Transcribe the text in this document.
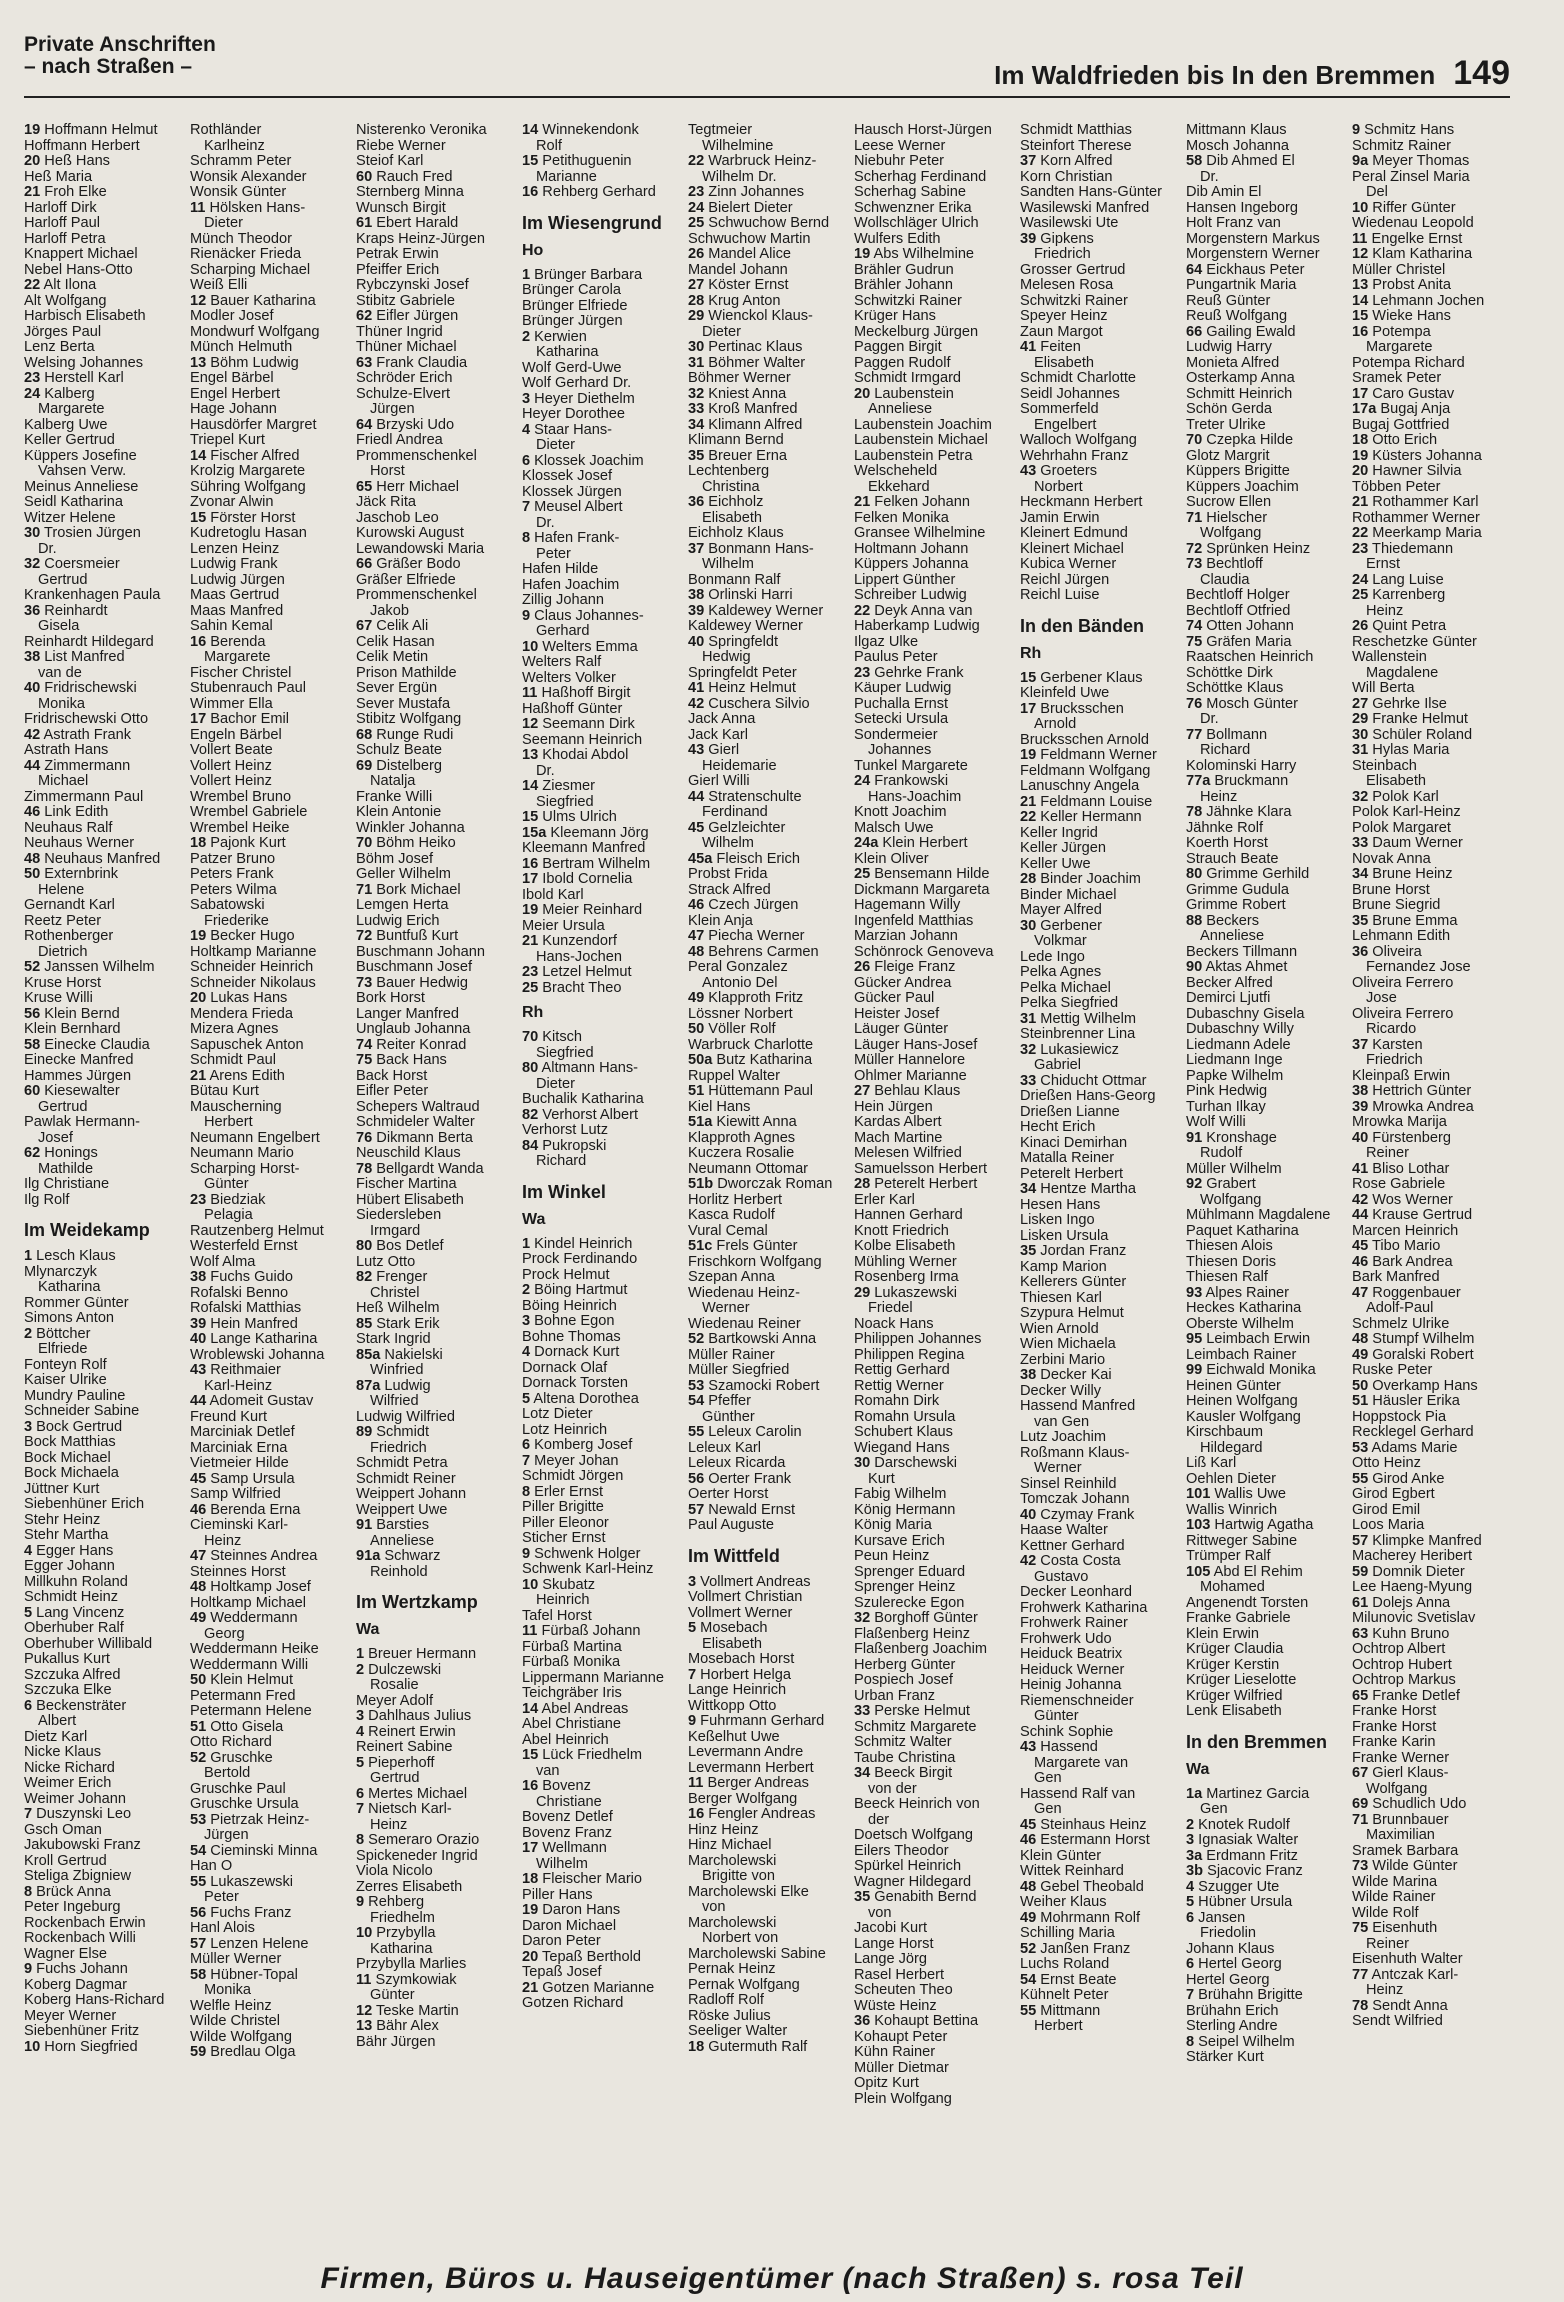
Private Anschriften
– nach Straßen –	Im Waldfrieden bis In den Bremmen 149
19 Hoffmann Helmut
Hoffmann Herbert
20 Heß Hans
Heß Maria
21 Froh Elke
Harloff Dirk
Harloff Paul
Harloff Petra
Knappert Michael
Nebel Hans-Otto
22 Alt Ilona
Alt Wolfgang
Harbisch Elisabeth
Jörges Paul
Lenz Berta
Welsing Johannes
23 Herstell Karl
24 Kalberg
Margarete
Kalberg Uwe
Keller Gertrud
Küppers Josefine
Vahsen Verw.
Meinus Anneliese
Seidl Katharina
Witzer Helene
30 Trosien Jürgen
Dr.
32 Coersmeier
Gertrud
Krankenhagen Paula
36 Reinhardt
Gisela
Reinhardt Hildegard
38 List Manfred
van de
40 Fridrischewski
Monika
Fridrischewski Otto
42 Astrath Frank
Astrath Hans
44 Zimmermann
Michael
Zimmermann Paul
46 Link Edith
Neuhaus Ralf
Neuhaus Werner
48 Neuhaus Manfred
50 Externbrink
Helene
Gernandt Karl
Reetz Peter
Rothenberger
Dietrich
52 Janssen Wilhelm
Kruse Horst
Kruse Willi
56 Klein Bernd
Klein Bernhard
58 Einecke Claudia
Einecke Manfred
Hammes Jürgen
60 Kiesewalter
Gertrud
Pawlak Hermann-
Josef
62 Honings
Mathilde
Ilg Christiane
Ilg Rolf
Im Weidekamp
1 Lesch Klaus
Mlynarczyk
Katharina
Rommer Günter
Simons Anton
2 Böttcher
Elfriede
Fonteyn Rolf
Kaiser Ulrike
Mundry Pauline
Schneider Sabine
3 Bock Gertrud
Bock Matthias
Bock Michael
Bock Michaela
Jüttner Kurt
Siebenhüner Erich
Stehr Heinz
Stehr Martha
4 Egger Hans
Egger Johann
Millkuhn Roland
Schmidt Heinz
5 Lang Vincenz
Oberhuber Ralf
Oberhuber Willibald
Pukallus Kurt
Szczuka Alfred
Szczuka Elke
6 Beckensträter
Albert
Dietz Karl
Nicke Klaus
Nicke Richard
Weimer Erich
Weimer Johann
7 Duszynski Leo
Gsch Oman
Jakubowski Franz
Kroll Gertrud
Steliga Zbigniew
8 Brück Anna
Peter Ingeburg
Rockenbach Erwin
Rockenbach Willi
Wagner Else
9 Fuchs Johann
Koberg Dagmar
Koberg Hans-Richard
Meyer Werner
Siebenhüner Fritz
10 Horn Siegfried
Rothländer
Karlheinz
Schramm Peter
Wonsik Alexander
Wonsik Günter
11 Hölsken Hans-
Dieter
Münch Theodor
Rienäcker Frieda
Scharping Michael
Weiß Elli
12 Bauer Katharina
Modler Josef
Mondwurf Wolfgang
Münch Helmuth
13 Böhm Ludwig
Engel Bärbel
Engel Herbert
Hage Johann
Hausdörfer Margret
Triepel Kurt
14 Fischer Alfred
Krolzig Margarete
Sühring Wolfgang
Zvonar Alwin
15 Förster Horst
Kudretoglu Hasan
Lenzen Heinz
Ludwig Frank
Ludwig Jürgen
Maas Gertrud
Maas Manfred
Sahin Kemal
16 Berenda
Margarete
Fischer Christel
Stubenrauch Paul
Wimmer Ella
17 Bachor Emil
Engeln Bärbel
Vollert Beate
Vollert Heinz
Vollert Heinz
Wrembel Bruno
Wrembel Gabriele
Wrembel Heike
18 Pajonk Kurt
Patzer Bruno
Peters Frank
Peters Wilma
Sabatowski
Friederike
19 Becker Hugo
Holtkamp Marianne
Schneider Heinrich
Schneider Nikolaus
20 Lukas Hans
Mendera Frieda
Mizera Agnes
Sapuschek Anton
Schmidt Paul
21 Arens Edith
Bütau Kurt
Mauscherning
Herbert
Neumann Engelbert
Neumann Mario
Scharping Horst-
Günter
23 Biedziak
Pelagia
Rautzenberg Helmut
Westerfeld Ernst
Wolf Alma
38 Fuchs Guido
Rofalski Benno
Rofalski Matthias
39 Hein Manfred
40 Lange Katharina
Wroblewski Johanna
43 Reithmaier
Karl-Heinz
44 Adomeit Gustav
Freund Kurt
Marciniak Detlef
Marciniak Erna
Vietmeier Hilde
45 Samp Ursula
Samp Wilfried
46 Berenda Erna
Cieminski Karl-
Heinz
47 Steinnes Andrea
Steinnes Horst
48 Holtkamp Josef
Holtkamp Michael
49 Weddermann
Georg
Weddermann Heike
Weddermann Willi
50 Klein Helmut
Petermann Fred
Petermann Helene
51 Otto Gisela
Otto Richard
52 Gruschke
Bertold
Gruschke Paul
Gruschke Ursula
53 Pietrzak Heinz-
Jürgen
54 Cieminski Minna
Han O
55 Lukaszewski
Peter
56 Fuchs Franz
Hanl Alois
57 Lenzen Helene
Müller Werner
58 Hübner-Topal
Monika
Welfle Heinz
Wilde Christel
Wilde Wolfgang
59 Bredlau Olga
Nisterenko Veronika
Riebe Werner
Steiof Karl
60 Rauch Fred
Sternberg Minna
Wunsch Birgit
61 Ebert Harald
Kraps Heinz-Jürgen
Petrak Erwin
Pfeiffer Erich
Rybczynski Josef
Stibitz Gabriele
62 Eifler Jürgen
Thüner Ingrid
Thüner Michael
63 Frank Claudia
Schröder Erich
Schulze-Elvert
Jürgen
64 Brzyski Udo
Friedl Andrea
Prommenschenkel
Horst
65 Herr Michael
Jäck Rita
Jaschob Leo
Kurowski August
Lewandowski Maria
66 Gräßer Bodo
Gräßer Elfriede
Prommenschenkel
Jakob
67 Celik Ali
Celik Hasan
Celik Metin
Prison Mathilde
Sever Ergün
Sever Mustafa
Stibitz Wolfgang
68 Runge Rudi
Schulz Beate
69 Distelberg
Natalja
Franke Willi
Klein Antonie
Winkler Johanna
70 Böhm Heiko
Böhm Josef
Geller Wilhelm
71 Bork Michael
Lemgen Herta
Ludwig Erich
72 Buntfuß Kurt
Buschmann Johann
Buschmann Josef
73 Bauer Hedwig
Bork Horst
Langer Manfred
Unglaub Johanna
74 Reiter Konrad
75 Back Hans
Back Horst
Eifler Peter
Schepers Waltraud
Schmideler Walter
76 Dikmann Berta
Neuschild Klaus
78 Bellgardt Wanda
Fischer Martina
Hübert Elisabeth
Siedersleben
Irmgard
80 Bos Detlef
Lutz Otto
82 Frenger
Christel
Heß Wilhelm
85 Stark Erik
Stark Ingrid
85a Nakielski
Winfried
87a Ludwig
Wilfried
Ludwig Wilfried
89 Schmidt
Friedrich
Schmidt Petra
Schmidt Reiner
Weippert Johann
Weippert Uwe
91 Barsties
Anneliese
91a Schwarz
Reinhold
Im Wertzkamp
Wa
1 Breuer Hermann
2 Dulczewski
Rosalie
Meyer Adolf
3 Dahlhaus Julius
4 Reinert Erwin
Reinert Sabine
5 Pieperhoff
Gertrud
6 Mertes Michael
7 Nietsch Karl-
Heinz
8 Semeraro Orazio
Spickeneder Ingrid
Viola Nicolo
Zerres Elisabeth
9 Rehberg
Friedhelm
10 Przybylla
Katharina
Przybylla Marlies
11 Szymkowiak
Günter
12 Teske Martin
13 Bähr Alex
Bähr Jürgen
14 Winnekendonk
Rolf
15 Petithuguenin
Marianne
16 Rehberg Gerhard
Im Wiesengrund
Ho
1 Brünger Barbara
Brünger Carola
Brünger Elfriede
Brünger Jürgen
2 Kerwien
Katharina
Wolf Gerd-Uwe
Wolf Gerhard Dr.
3 Heyer Diethelm
Heyer Dorothee
4 Staar Hans-
Dieter
6 Klossek Joachim
Klossek Josef
Klossek Jürgen
7 Meusel Albert
Dr.
8 Hafen Frank-
Peter
Hafen Hilde
Hafen Joachim
Zillig Johann
9 Claus Johannes-
Gerhard
10 Welters Emma
Welters Ralf
Welters Volker
11 Haßhoff Birgit
Haßhoff Günter
12 Seemann Dirk
Seemann Heinrich
13 Khodai Abdol
Dr.
14 Ziesmer
Siegfried
15 Ulms Ulrich
15a Kleemann Jörg
Kleemann Manfred
16 Bertram Wilhelm
17 Ibold Cornelia
Ibold Karl
19 Meier Reinhard
Meier Ursula
21 Kunzendorf
Hans-Jochen
23 Letzel Helmut
25 Bracht Theo
Rh
70 Kitsch
Siegfried
80 Altmann Hans-
Dieter
Buchalik Katharina
82 Verhorst Albert
Verhorst Lutz
84 Pukropski
Richard
Im Winkel
Wa
1 Kindel Heinrich
Prock Ferdinando
Prock Helmut
2 Böing Hartmut
Böing Heinrich
3 Bohne Egon
Bohne Thomas
4 Dornack Kurt
Dornack Olaf
Dornack Torsten
5 Altena Dorothea
Lotz Dieter
Lotz Heinrich
6 Komberg Josef
7 Meyer Johan
Schmidt Jörgen
8 Erler Ernst
Piller Brigitte
Piller Eleonor
Sticher Ernst
9 Schwenk Holger
Schwenk Karl-Heinz
10 Skubatz
Heinrich
Tafel Horst
11 Fürbaß Johann
Fürbaß Martina
Fürbaß Monika
Lippermann Marianne
Teichgräber Iris
14 Abel Andreas
Abel Christiane
Abel Heinrich
15 Lück Friedhelm
van
16 Bovenz
Christiane
Bovenz Detlef
Bovenz Franz
17 Wellmann
Wilhelm
18 Fleischer Mario
Piller Hans
19 Daron Hans
Daron Michael
Daron Peter
20 Tepaß Berthold
Tepaß Josef
21 Gotzen Marianne
Gotzen Richard
Tegtmeier
Wilhelmine
22 Warbruck Heinz-
Wilhelm Dr.
23 Zinn Johannes
24 Bielert Dieter
25 Schwuchow Bernd
Schwuchow Martin
26 Mandel Alice
Mandel Johann
27 Köster Ernst
28 Krug Anton
29 Wienckol Klaus-
Dieter
30 Pertinac Klaus
31 Böhmer Walter
Böhmer Werner
32 Kniest Anna
33 Kroß Manfred
34 Klimann Alfred
Klimann Bernd
35 Breuer Erna
Lechtenberg
Christina
36 Eichholz
Elisabeth
Eichholz Klaus
37 Bonmann Hans-
Wilhelm
Bonmann Ralf
38 Orlinski Harri
39 Kaldewey Werner
Kaldewey Werner
40 Springfeldt
Hedwig
Springfeldt Peter
41 Heinz Helmut
42 Cuschera Silvio
Jack Anna
Jack Karl
43 Gierl
Heidemarie
Gierl Willi
44 Stratenschulte
Ferdinand
45 Gelzleichter
Wilhelm
45a Fleisch Erich
Probst Frida
Strack Alfred
46 Czech Jürgen
Klein Anja
47 Piecha Werner
48 Behrens Carmen
Peral Gonzalez
Antonio Del
49 Klapproth Fritz
Lössner Norbert
50 Völler Rolf
Warbruck Charlotte
50a Butz Katharina
Ruppel Walter
51 Hüttemann Paul
Kiel Hans
51a Kiewitt Anna
Klapproth Agnes
Kuczera Rosalie
Neumann Ottomar
51b Dworczak Roman
Horlitz Herbert
Kasca Rudolf
Vural Cemal
51c Frels Günter
Frischkorn Wolfgang
Szepan Anna
Wiedenau Heinz-
Werner
Wiedenau Reiner
52 Bartkowski Anna
Müller Rainer
Müller Siegfried
53 Szamocki Robert
54 Pfeffer
Günther
55 Leleux Carolin
Leleux Karl
Leleux Ricarda
56 Oerter Frank
Oerter Horst
57 Newald Ernst
Paul Auguste
Im Wittfeld
3 Vollmert Andreas
Vollmert Christian
Vollmert Werner
5 Mosebach
Elisabeth
Mosebach Horst
7 Horbert Helga
Lange Heinrich
Wittkopp Otto
9 Fuhrmann Gerhard
Keßelhut Uwe
Levermann Andre
Levermann Herbert
11 Berger Andreas
Berger Wolfgang
16 Fengler Andreas
Hinz Heinz
Hinz Michael
Marcholewski
Brigitte von
Marcholewski Elke
von
Marcholewski
Norbert von
Marcholewski Sabine
Pernak Heinz
Pernak Wolfgang
Radloff Rolf
Röske Julius
Seeliger Walter
18 Gutermuth Ralf
Hausch Horst-Jürgen
Leese Werner
Niebuhr Peter
Scherhag Ferdinand
Scherhag Sabine
Schwenzner Erika
Wollschläger Ulrich
Wulfers Edith
19 Abs Wilhelmine
Brähler Gudrun
Brähler Johann
Schwitzki Rainer
Krüger Hans
Meckelburg Jürgen
Paggen Birgit
Paggen Rudolf
Schmidt Irmgard
20 Laubenstein
Anneliese
Laubenstein Joachim
Laubenstein Michael
Laubenstein Petra
Welscheheld
Ekkehard
21 Felken Johann
Felken Monika
Gransee Wilhelmine
Holtmann Johann
Küppers Johanna
Lippert Günther
Schreiber Ludwig
22 Deyk Anna van
Haberkamp Ludwig
Ilgaz Ülke
Paulus Peter
23 Gehrke Frank
Käuper Ludwig
Puchalla Ernst
Setecki Ursula
Sondermeier
Johannes
Tunkel Margarete
24 Frankowski
Hans-Joachim
Knott Joachim
Malsch Uwe
24a Klein Herbert
Klein Oliver
25 Bensemann Hilde
Dickmann Margareta
Hagemann Willy
Ingenfeld Matthias
Marzian Johann
Schönrock Genoveva
26 Fleige Franz
Gücker Andrea
Gücker Paul
Heister Josef
Läuger Günter
Läuger Hans-Josef
Müller Hannelore
Ohlmer Marianne
27 Behlau Klaus
Hein Jürgen
Kardas Albert
Mach Martine
Melesen Wilfried
Samuelsson Herbert
28 Peterelt Herbert
Erler Karl
Hannen Gerhard
Knott Friedrich
Kolbe Elisabeth
Mühling Werner
Rosenberg Irma
29 Lukaszewski
Friedel
Noack Hans
Philippen Johannes
Philippen Regina
Rettig Gerhard
Rettig Werner
Romahn Dirk
Romahn Ursula
Schubert Klaus
Wiegand Hans
30 Darschewski
Kurt
Fabig Wilhelm
König Hermann
König Maria
Kursave Erich
Peun Heinz
Sprenger Eduard
Sprenger Heinz
Szulerecke Egon
32 Borghoff Günter
Flaßenberg Heinz
Flaßenberg Joachim
Herberg Günter
Pospiech Josef
Urban Franz
33 Perske Helmut
Schmitz Margarete
Schmitz Walter
Taube Christina
34 Beeck Birgit
von der
Beeck Heinrich von
der
Doetsch Wolfgang
Eilers Theodor
Spürkel Heinrich
Wagner Hildegard
35 Genabith Bernd
von
Jacobi Kurt
Lange Horst
Lange Jörg
Rasel Herbert
Scheuten Theo
Wüste Heinz
36 Kohaupt Bettina
Kohaupt Peter
Kühn Rainer
Müller Dietmar
Opitz Kurt
Plein Wolfgang
Schmidt Matthias
Steinfort Therese
37 Korn Alfred
Korn Christian
Sandten Hans-Günter
Wasilewski Manfred
Wasilewski Ute
39 Gipkens
Friedrich
Grosser Gertrud
Melesen Rosa
Schwitzki Rainer
Speyer Heinz
Zaun Margot
41 Feiten
Elisabeth
Schmidt Charlotte
Seidl Johannes
Sommerfeld
Engelbert
Walloch Wolfgang
Wehrhahn Franz
43 Groeters
Norbert
Heckmann Herbert
Jamin Erwin
Kleinert Edmund
Kleinert Michael
Kubica Werner
Reichl Jürgen
Reichl Luise
In den Bänden
Rh
15 Gerbener Klaus
Kleinfeld Uwe
17 Brucksschen
Arnold
Brucksschen Arnold
19 Feldmann Werner
Feldmann Wolfgang
Lanuschny Angela
21 Feldmann Louise
22 Keller Hermann
Keller Ingrid
Keller Jürgen
Keller Uwe
28 Binder Joachim
Binder Michael
Mayer Alfred
30 Gerbener
Volkmar
Lede Ingo
Pelka Agnes
Pelka Michael
Pelka Siegfried
31 Mettig Wilhelm
Steinbrenner Lina
32 Lukasiewicz
Gabriel
33 Chiducht Ottmar
Drießen Hans-Georg
Drießen Lianne
Hecht Erich
Kinaci Demirhan
Matalla Reiner
Peterelt Herbert
34 Hentze Martha
Hesen Hans
Lisken Ingo
Lisken Ursula
35 Jordan Franz
Kamp Marion
Kellerers Günter
Thiesen Karl
Szypura Helmut
Wien Arnold
Wien Michaela
Zerbini Mario
38 Decker Kai
Decker Willy
Hassend Manfred
van Gen
Lutz Joachim
Roßmann Klaus-
Werner
Sinsel Reinhild
Tomczak Johann
40 Czymay Frank
Haase Walter
Kettner Gerhard
42 Costa Costa
Gustavo
Decker Leonhard
Frohwerk Katharina
Frohwerk Rainer
Frohwerk Udo
Heiduck Beatrix
Heiduck Werner
Heinig Johanna
Riemenschneider
Günter
Schink Sophie
43 Hassend
Margarete van
Gen
Hassend Ralf van
Gen
45 Steinhaus Heinz
46 Estermann Horst
Klein Günter
Wittek Reinhard
48 Gebel Theobald
Weiher Klaus
49 Mohrmann Rolf
Schilling Maria
52 Janßen Franz
Luchs Roland
54 Ernst Beate
Kühnelt Peter
55 Mittmann
Herbert
Mittmann Klaus
Mosch Johanna
58 Dib Ahmed El
Dr.
Dib Amin El
Hansen Ingeborg
Holt Franz van
Morgenstern Markus
Morgenstern Werner
64 Eickhaus Peter
Pungartnik Maria
Reuß Günter
Reuß Wolfgang
66 Gailing Ewald
Ludwig Harry
Monieta Alfred
Osterkamp Anna
Schmitt Heinrich
Schön Gerda
Treter Ulrike
70 Czepka Hilde
Glotz Margrit
Küppers Brigitte
Küppers Joachim
Sucrow Ellen
71 Hielscher
Wolfgang
72 Sprünken Heinz
73 Bechtloff
Claudia
Bechtloff Holger
Bechtloff Otfried
74 Otten Johann
75 Gräfen Maria
Raatschen Heinrich
Schöttke Dirk
Schöttke Klaus
76 Mosch Günter
Dr.
77 Bollmann
Richard
Kolominski Harry
77a Bruckmann
Heinz
78 Jähnke Klara
Jähnke Rolf
Koerth Horst
Strauch Beate
80 Grimme Gerhild
Grimme Gudula
Grimme Robert
88 Beckers
Anneliese
Beckers Tillmann
90 Aktas Ahmet
Becker Alfred
Demirci Ljutfi
Dubaschny Gisela
Dubaschny Willy
Liedmann Adele
Liedmann Inge
Papke Wilhelm
Pink Hedwig
Turhan Ilkay
Wolf Willi
91 Kronshage
Rudolf
Müller Wilhelm
92 Grabert
Wolfgang
Mühlmann Magdalene
Paquet Katharina
Thiesen Alois
Thiesen Doris
Thiesen Ralf
93 Alpes Rainer
Heckes Katharina
Oberste Wilhelm
95 Leimbach Erwin
Leimbach Rainer
99 Eichwald Monika
Heinen Günter
Heinen Wolfgang
Kausler Wolfgang
Kirschbaum
Hildegard
Liß Karl
Oehlen Dieter
101 Wallis Uwe
Wallis Winrich
103 Hartwig Agatha
Rittweger Sabine
Trümper Ralf
105 Abd El Rehim
Mohamed
Angenendt Torsten
Franke Gabriele
Klein Erwin
Krüger Claudia
Krüger Kerstin
Krüger Lieselotte
Krüger Wilfried
Lenk Elisabeth
In den Bremmen
Wa
1a Martinez Garcia
Gen
2 Knotek Rudolf
3 Ignasiak Walter
3a Erdmann Fritz
3b Sjacovic Franz
4 Szugger Ute
5 Hübner Ursula
6 Jansen
Friedolin
Johann Klaus
6 Hertel Georg
Hertel Georg
7 Brühahn Brigitte
Brühahn Erich
Sterling Andre
8 Seipel Wilhelm
Stärker Kurt
9 Schmitz Hans
Schmitz Rainer
9a Meyer Thomas
Peral Zinsel Maria
Del
10 Riffer Günter
Wiedenau Leopold
11 Engelke Ernst
12 Klam Katharina
Müller Christel
13 Probst Anita
14 Lehmann Jochen
15 Wieke Hans
16 Potempa
Margarete
Potempa Richard
Sramek Peter
17 Caro Gustav
17a Bugaj Anja
Bugaj Gottfried
18 Otto Erich
19 Küsters Johanna
20 Hawner Silvia
Többen Peter
21 Rothammer Karl
Rothammer Werner
22 Meerkamp Maria
23 Thiedemann
Ernst
24 Lang Luise
25 Karrenberg
Heinz
26 Quint Petra
Reschetzke Günter
Wallenstein
Magdalene
Will Berta
27 Gehrke Ilse
29 Franke Helmut
30 Schüler Roland
31 Hylas Maria
Steinbach
Elisabeth
32 Polok Karl
Polok Karl-Heinz
Polok Margaret
33 Daum Werner
Novak Anna
34 Brune Heinz
Brune Horst
Brune Siegrid
35 Brune Emma
Lehmann Edith
36 Oliveira
Fernandez Jose
Oliveira Ferrero
Jose
Oliveira Ferrero
Ricardo
37 Karsten
Friedrich
Kleinpaß Erwin
38 Hettrich Günter
39 Mrowka Andrea
Mrowka Marija
40 Fürstenberg
Reiner
41 Bliso Lothar
Rose Gabriele
42 Wos Werner
44 Krause Gertrud
Marcen Heinrich
45 Tibo Mario
46 Bark Andrea
Bark Manfred
47 Roggenbauer
Adolf-Paul
Schmelz Ulrike
48 Stumpf Wilhelm
49 Goralski Robert
Ruske Peter
50 Overkamp Hans
51 Häusler Erika
Hoppstock Pia
Recklegel Gerhard
53 Adams Marie
Otto Heinz
55 Girod Anke
Girod Egbert
Girod Emil
Loos Maria
57 Klimpke Manfred
Macherey Heribert
59 Domnik Dieter
Lee Haeng-Myung
61 Dolejs Anna
Milunovic Svetislav
63 Kuhn Bruno
Ochtrop Albert
Ochtrop Hubert
Ochtrop Markus
65 Franke Detlef
Franke Horst
Franke Horst
Franke Karin
Franke Werner
67 Gierl Klaus-
Wolfgang
69 Schudlich Udo
71 Brunnbauer
Maximilian
Sramek Barbara
73 Wilde Günter
Wilde Marina
Wilde Rainer
Wilde Rolf
75 Eisenhuth
Reiner
Eisenhuth Walter
77 Antczak Karl-
Heinz
78 Sendt Anna
Sendt Wilfried
Firmen, Büros u. Hauseigentümer (nach Straßen) s. rosa Teil
